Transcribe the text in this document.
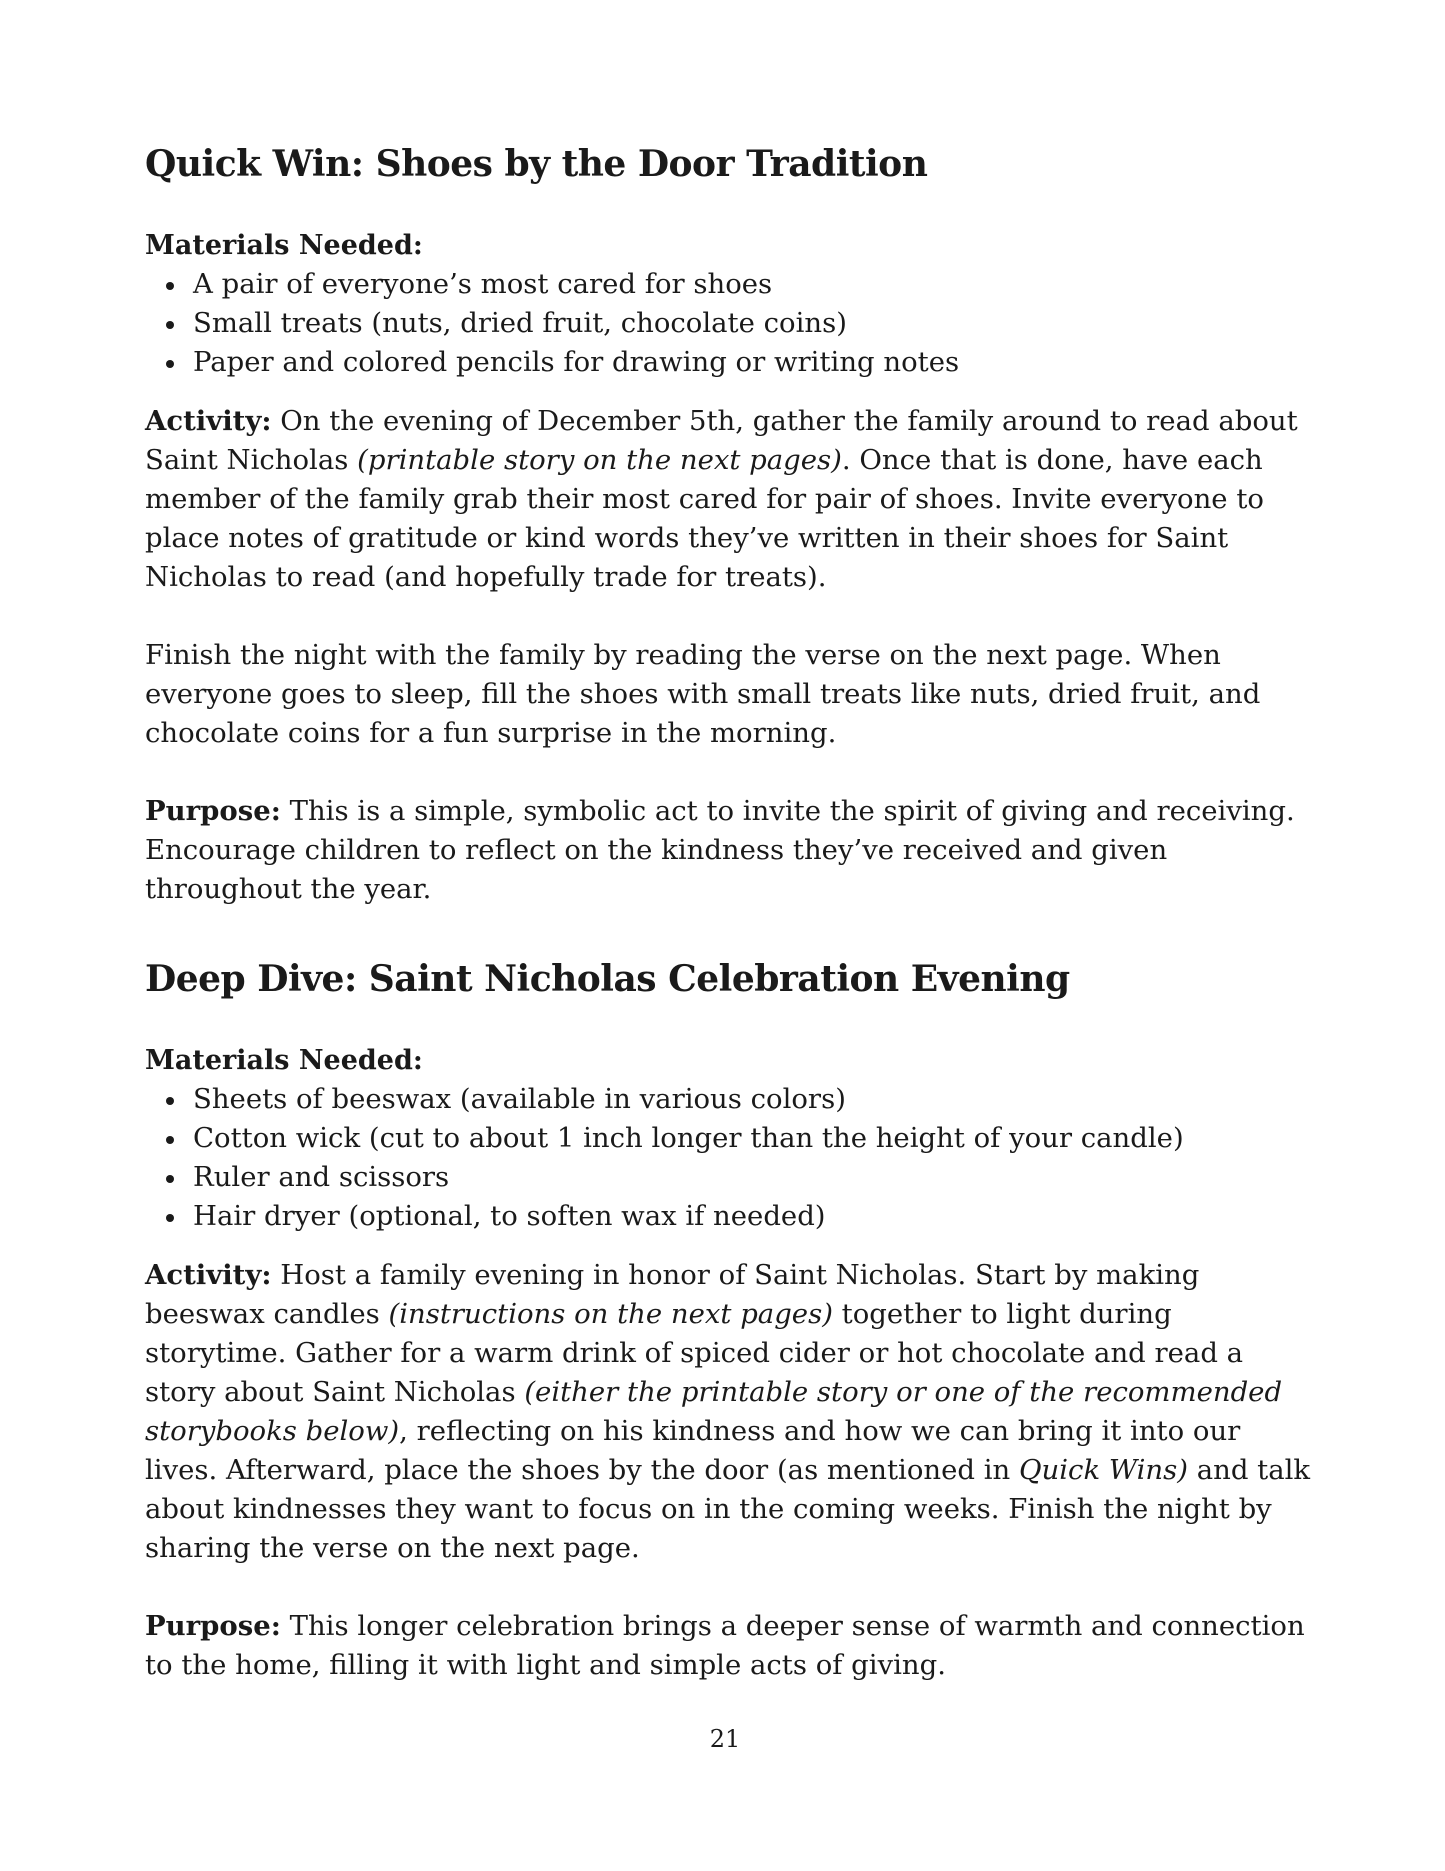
Quick Win: Shoes by the Door Tradition
Materials Needed:
A pair of everyone’s most cared for shoes
Small treats (nuts, dried fruit, chocolate coins)
Paper and colored pencils for drawing or writing notes

Activity: On the evening of December 5th, gather the family around to read about Saint Nicholas (printable story on the next pages). Once that is done, have each member of the family grab their most cared for pair of shoes. Invite everyone to place notes of gratitude or kind words they’ve written in their shoes for Saint Nicholas to read (and hopefully trade for treats).

Finish the night with the family by reading the verse on the next page. When everyone goes to sleep, fill the shoes with small treats like nuts, dried fruit, and chocolate coins for a fun surprise in the morning.

Purpose: This is a simple, symbolic act to invite the spirit of giving and receiving. Encourage children to reflect on the kindness they’ve received and given throughout the year.

Deep Dive: Saint Nicholas Celebration Evening
Materials Needed:
Sheets of beeswax (available in various colors)
Cotton wick (cut to about 1 inch longer than the height of your candle)
Ruler and scissors
Hair dryer (optional, to soften wax if needed)

Activity: Host a family evening in honor of Saint Nicholas. Start by making beeswax candles (instructions on the next pages) together to light during storytime. Gather for a warm drink of spiced cider or hot chocolate and read a story about Saint Nicholas (either the printable story or one of the recommended storybooks below), reflecting on his kindness and how we can bring it into our lives. Afterward, place the shoes by the door (as mentioned in Quick Wins) and talk about kindnesses they want to focus on in the coming weeks. Finish the night by sharing the verse on the next page.

Purpose: This longer celebration brings a deeper sense of warmth and connection to the home, filling it with light and simple acts of giving.

21
